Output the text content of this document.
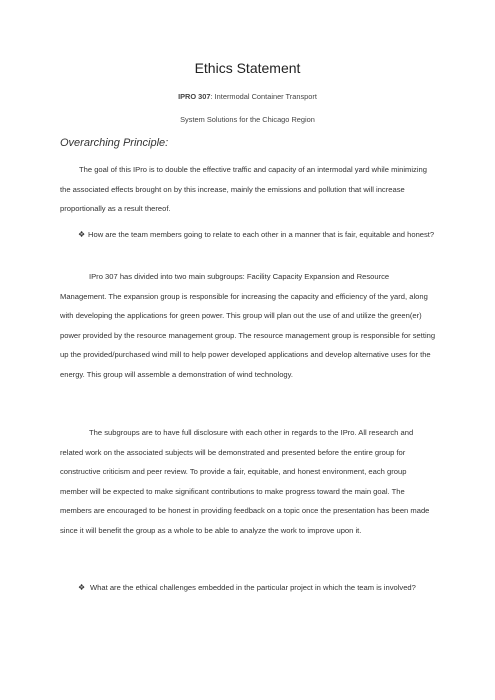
Ethics Statement
IPRO 307: Intermodal Container Transport
System Solutions for the Chicago Region
Overarching Principle:
The goal of this IPro is to double the effective traffic and capacity of an intermodal yard while minimizing the associated effects brought on by this increase, mainly the emissions and pollution that will increase proportionally as a result thereof.
❖ How are the team members going to relate to each other in a manner that is fair, equitable and honest?
IPro 307 has divided into two main subgroups: Facility Capacity Expansion and Resource Management. The expansion group is responsible for increasing the capacity and efficiency of the yard, along with developing the applications for green power. This group will plan out the use of and utilize the green(er) power provided by the resource management group. The resource management group is responsible for setting up the provided/purchased wind mill to help power developed applications and develop alternative uses for the energy. This group will assemble a demonstration of wind technology.
The subgroups are to have full disclosure with each other in regards to the IPro. All research and related work on the associated subjects will be demonstrated and presented before the entire group for constructive criticism and peer review. To provide a fair, equitable, and honest environment, each group member will be expected to make significant contributions to make progress toward the main goal. The members are encouraged to be honest in providing feedback on a topic once the presentation has been made since it will benefit the group as a whole to be able to analyze the work to improve upon it.
❖ What are the ethical challenges embedded in the particular project in which the team is involved?
